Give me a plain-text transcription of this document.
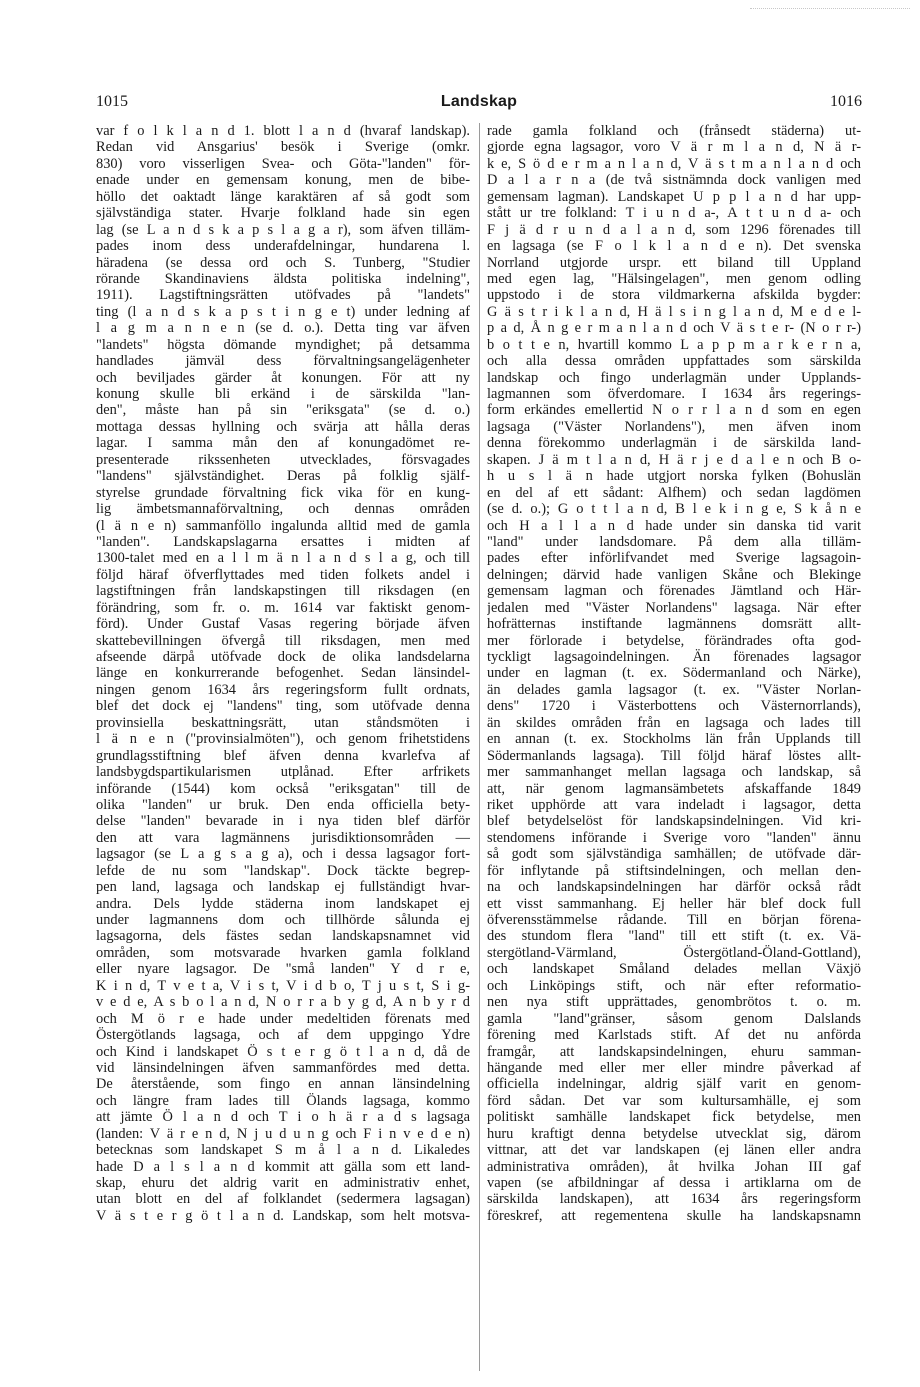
1015	Landskap	1016
var f o l k l a n d 1. blott l a n d (hvaraf landskap).
Redan vid Ansgarius' besök i Sverige (omkr.
830) voro visserligen Svea- och Göta-"landen" för-
enade under en gemensam konung, men de bibe-
höllo det oaktadt länge karaktären af så godt som
självständiga stater. Hvarje folkland hade sin egen
lag (se L a n d s k a p s l a g a r), som äfven tilläm-
pades inom dess underafdelningar, hundarena l.
häradena (se dessa ord och S. Tunberg, "Studier
rörande Skandinaviens äldsta politiska indelning",
1911). Lagstiftningsrätten utöfvades på "landets"
ting (l a n d s k a p s t i n g e t) under ledning af
l a g m a n n e n (se d. o.). Detta ting var äfven
"landets" högsta dömande myndighet; på detsamma
handlades jämväl dess förvaltningsangelägenheter
och beviljades gärder åt konungen. För att ny
konung skulle bli erkänd i de särskilda "lan-
den", måste han på sin "eriksgata" (se d. o.)
mottaga dessas hyllning och svärja att hålla deras
lagar. I samma mån den af konungadömet re-
presenterade rikssenheten utvecklades, försvagades
"landens" självständighet. Deras på folklig själf-
styrelse grundade förvaltning fick vika för en kung-
lig ämbetsmannaförvaltning, och dennas områden
(l ä n e n) sammanföllo ingalunda alltid med de gamla
"landen". Landskapslagarna ersattes i midten af
1300-talet med en a l l m ä n l a n d s l a g, och till
följd häraf öfverflyttades med tiden folkets andel i
lagstiftningen från landskapstingen till riksdagen (en
förändring, som fr. o. m. 1614 var faktiskt genom-
förd). Under Gustaf Vasas regering började äfven
skattebevillningen öfvergå till riksdagen, men med
afseende därpå utöfvade dock de olika landsdelarna
länge en konkurrerande befogenhet. Sedan länsindel-
ningen genom 1634 års regeringsform fullt ordnats,
blef det dock ej "landens" ting, som utöfvade denna
provinsiella beskattningsrätt, utan ståndsmöten i
l ä n e n ("provinsialmöten"), och genom frihetstidens
grundlagsstiftning blef äfven denna kvarlefva af
landsbygdspartikularismen utplånad. Efter arfrikets
införande (1544) kom också "eriksgatan" till de
olika "landen" ur bruk. Den enda officiella bety-
delse "landen" bevarade in i nya tiden blef därför
den att vara lagmännens jurisdiktionsområden —
lagsagor (se L a g s a g a), och i dessa lagsagor fort-
lefde de nu som "landskap". Dock täckte begrep-
pen land, lagsaga och landskap ej fullständigt hvar-
andra. Dels lydde städerna inom landskapet ej
under lagmannens dom och tillhörde sålunda ej
lagsagorna, dels fästes sedan landskapsnamnet vid
områden, som motsvarade hvarken gamla folkland
eller nyare lagsagor. De "små landen" Y d r e,
K i n d, T v e t a, V i s t, V i d b o, T j u s t, S i g-
v e d e, A s b o l a n d, N o r r a b y g d, A n b y r d
och M ö r e hade under medeltiden förenats med
Östergötlands lagsaga, och af dem uppgingo Ydre
och Kind i landskapet Ö s t e r g ö t l a n d, då de
vid länsindelningen äfven sammanfördes med detta.
De återstående, som fingo en annan länsindelning
och längre fram lades till Ölands lagsaga, kommo
att jämte Ö l a n d och T i o h ä r a d s lagsaga
(landen: V ä r e n d, N j u d u n g och F i n v e d e n)
betecknas som landskapet S m å l a n d. Likaledes
hade D a l s l a n d kommit att gälla som ett land-
skap, ehuru det aldrig varit en administrativ enhet,
utan blott en del af folklandet (sedermera lagsagan)
V ä s t e r g ö t l a n d. Landskap, som helt motsva-
rade gamla folkland och (frånsedt städerna) ut-
gjorde egna lagsagor, voro V ä r m l a n d, N ä r-
k e, S ö d e r m a n l a n d, V ä s t m a n l a n d och
D a l a r n a (de två sistnämnda dock vanligen med
gemensam lagman). Landskapet U p p l a n d har upp-
stått ur tre folkland: T i u n d a-, A t t u n d a- och
F j ä d r u n d a l a n d, som 1296 förenades till
en lagsaga (se F o l k l a n d e n). Det svenska
Norrland utgjorde urspr. ett biland till Uppland
med egen lag, "Hälsingelagen", men genom odling
uppstodo i de stora vildmarkerna afskilda bygder:
G ä s t r i k l a n d, H ä l s i n g l a n d, M e d e l-
p a d, Å n g e r m a n l a n d och V ä s t e r- (N o r r-)
b o t t e n, hvartill kommo L a p p m a r k e r n a,
och alla dessa områden uppfattades som särskilda
landskap och fingo underlagmän under Upplands-
lagmannen som öfverdomare. I 1634 års regerings-
form erkändes emellertid N o r r l a n d som en egen
lagsaga ("Väster Norlandens"), men äfven inom
denna förekommo underlagmän i de särskilda land-
skapen. J ä m t l a n d, H ä r j e d a l e n och B o-
h u s l ä n hade utgjort norska fylken (Bohuslän
en del af ett sådant: Alfhem) och sedan lagdömen
(se d. o.); G o t t l a n d, B l e k i n g e, S k å n e
och H a l l a n d hade under sin danska tid varit
"land" under landsdomare. På dem alla tilläm-
pades efter införlifvandet med Sverige lagsagoin-
delningen; därvid hade vanligen Skåne och Blekinge
gemensam lagman och förenades Jämtland och Här-
jedalen med "Väster Norlandens" lagsaga. När efter
hofrätternas instiftande lagmännens domsrätt allt-
mer förlorade i betydelse, förändrades ofta god-
tyckligt lagsagoindelningen. Än förenades lagsagor
under en lagman (t. ex. Södermanland och Närke),
än delades gamla lagsagor (t. ex. "Väster Norlan-
dens" 1720 i Västerbottens och Västernorrlands),
än skildes områden från en lagsaga och lades till
en annan (t. ex. Stockholms län från Upplands till
Södermanlands lagsaga). Till följd häraf löstes allt-
mer sammanhanget mellan lagsaga och landskap, så
att, när genom lagmansämbetets afskaffande 1849
riket upphörde att vara indeladt i lagsagor, detta
blef betydelselöst för landskapsindelningen. Vid kri-
stendomens införande i Sverige voro "landen" ännu
så godt som självständiga samhällen; de utöfvade där-
för inflytande på stiftsindelningen, och mellan den-
na och landskapsindelningen har därför också rådt
ett visst sammanhang. Ej heller här blef dock full
öfverensstämmelse rådande. Till en början förena-
des stundom flera "land" till ett stift (t. ex. Vä-
stergötland-Värmland, Östergötland-Öland-Gottland),
och landskapet Småland delades mellan Växjö
och Linköpings stift, och när efter reformatio-
nen nya stift upprättades, genombrötos t. o. m.
gamla "land"gränser, såsom genom Dalslands
förening med Karlstads stift. Af det nu anförda
framgår, att landskapsindelningen, ehuru samman-
hängande med eller mer eller mindre påverkad af
officiella indelningar, aldrig själf varit en genom-
förd sådan. Det var som kultursamhälle, ej som
politiskt samhälle landskapet fick betydelse, men
huru kraftigt denna betydelse utvecklat sig, därom
vittnar, att det var landskapen (ej länen eller andra
administrativa områden), åt hvilka Johan III gaf
vapen (se afbildningar af dessa i artiklarna om de
särskilda landskapen), att 1634 års regeringsform
föreskref, att regementena skulle ha landskapsnamn
